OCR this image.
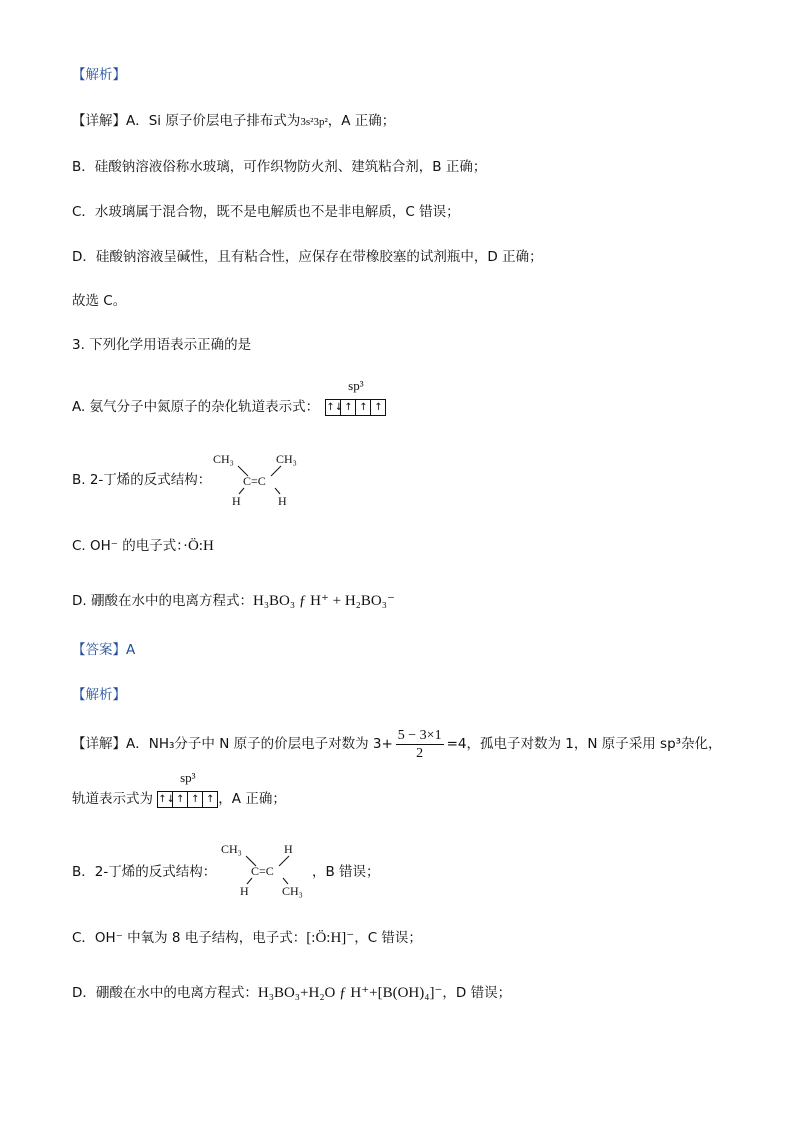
【解析】
【详解】A．Si 原子价层电子排布式为3s²3p²，A 正确；
B．硅酸钠溶液俗称水玻璃，可作织物防火剂、建筑粘合剂，B 正确；
C．水玻璃属于混合物，既不是电解质也不是非电解质，C 错误；
D．硅酸钠溶液呈碱性，且有粘合性，应保存在带橡胶塞的试剂瓶中，D 正确；
故选 C。
3. 下列化学用语表示正确的是
A. 氨气分子中氮原子的杂化轨道表示式：
sp³
↑↓ ↑ ↑ ↑
B. 2-丁烯的反式结构：
CH₃	CH₃
C=C
H	H
C. OH⁻ 的电子式：·Ö:H
D. 硼酸在水中的电离方程式：H₃BO₃ ƒ H⁺ + H₂BO₃⁻
【答案】A
【解析】
【详解】A．NH₃分子中 N 原子的价层电子对数为 $3+ \frac{5 - 3\times 1}{2} =4$，孤电子对数为 1，N 原子采用 sp³杂化，
轨道表示式为
sp³
↑↓ ↑ ↑ ↑ ，A 正确；
B．2-丁烯的反式结构：
CH₃	H
C=C
H	CH₃
，B 错误；
C．OH⁻ 中氧为 8 电子结构，电子式：[:Ö:H]⁻，C 错误；
D．硼酸在水中的电离方程式：H₃BO₃+H₂O ƒ H⁺+[B(OH)₄]⁻，D 错误；
